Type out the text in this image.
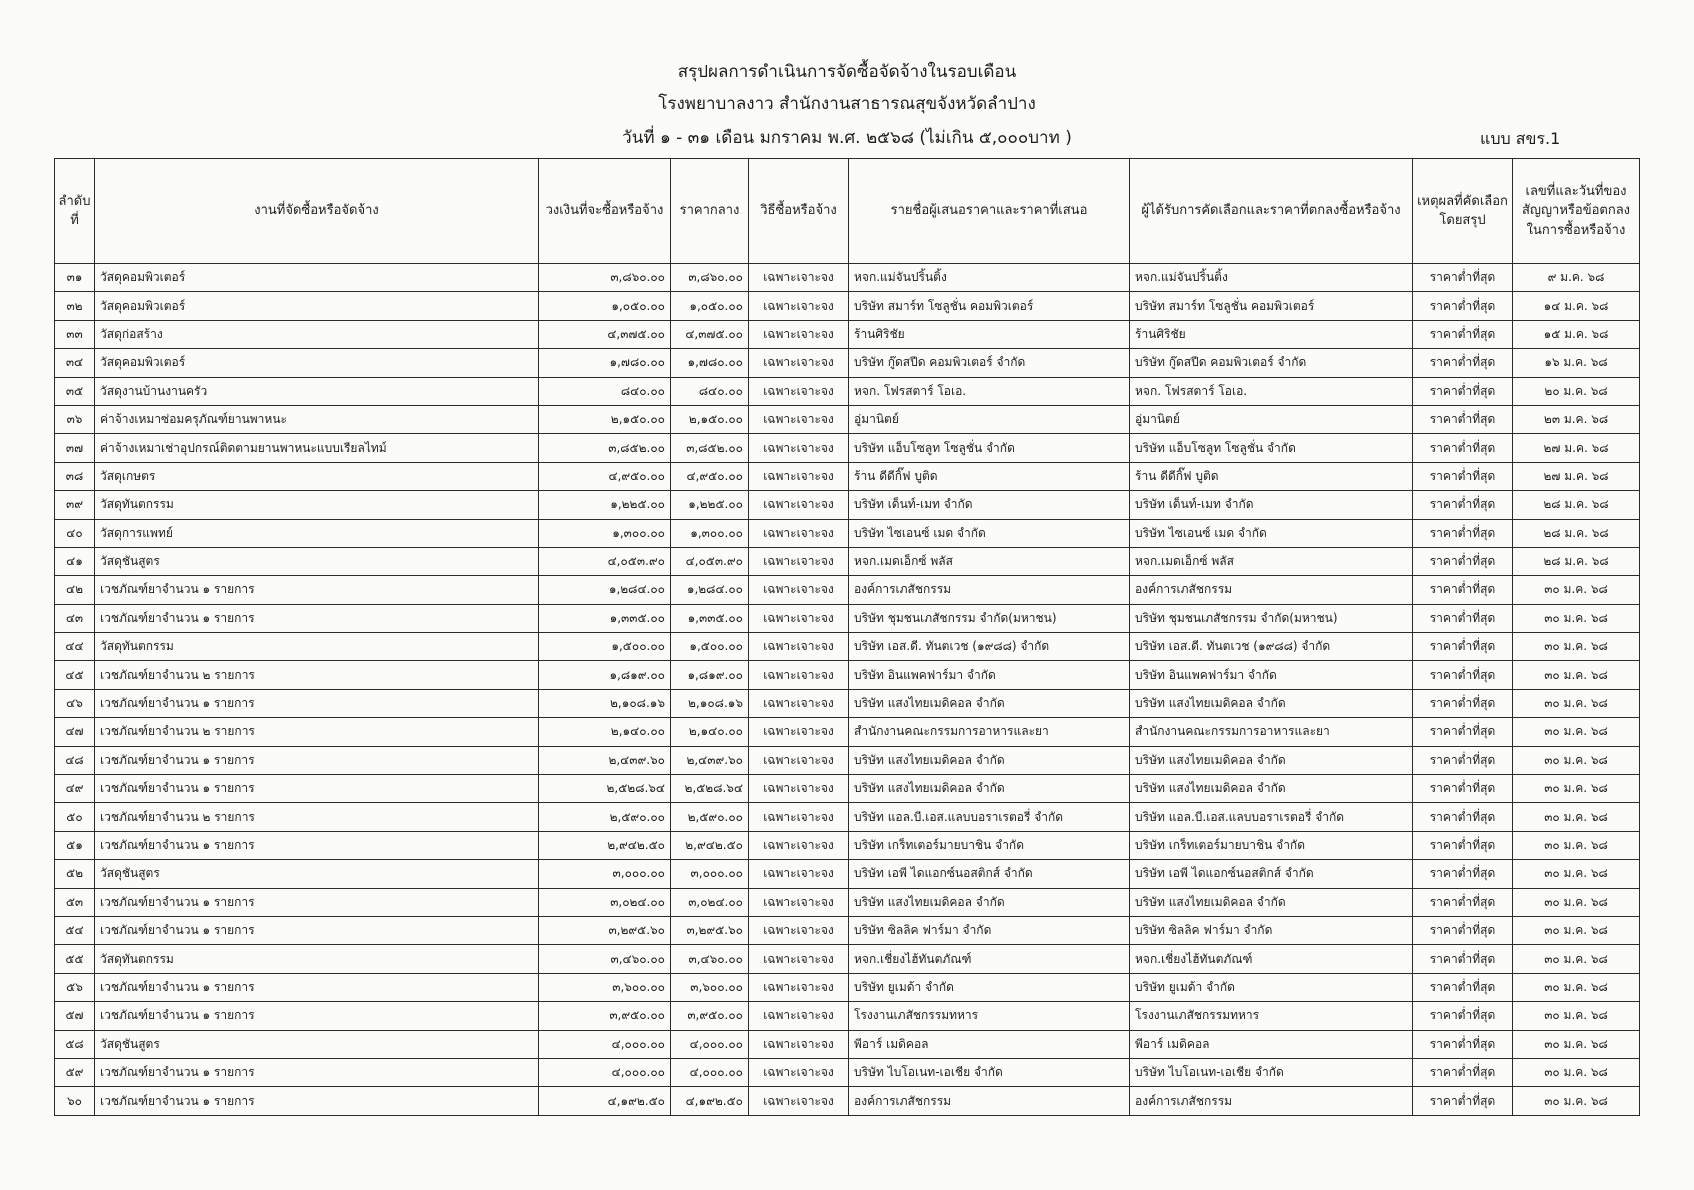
สรุปผลการดำเนินการจัดซื้อจัดจ้างในรอบเดือน
โรงพยาบาลงาว สำนักงานสาธารณสุขจังหวัดลำปาง
วันที่ ๑ - ๓๑ เดือน มกราคม พ.ศ. ๒๕๖๘ (ไม่เกิน ๕,๐๐๐บาท )	แบบ สขร.1
ลำดับที่	งานที่จัดซื้อหรือจัดจ้าง	วงเงินที่จะซื้อหรือจ้าง	ราคากลาง	วิธีซื้อหรือจ้าง	รายชื่อผู้เสนอราคาและราคาที่เสนอ	ผู้ได้รับการคัดเลือกและราคาที่ตกลงซื้อหรือจ้าง	เหตุผลที่คัดเลือกโดยสรุป	เลขที่และวันที่ของสัญญาหรือข้อตกลงในการซื้อหรือจ้าง
๓๑	วัสดุคอมพิวเตอร์	๓,๘๖๐.๐๐	๓,๘๖๐.๐๐	เฉพาะเจาะจง	หจก.แม่จันปริ้นติ้ง	หจก.แม่จันปริ้นติ้ง	ราคาต่ำที่สุด	๙ ม.ค. ๖๘
๓๒	วัสดุคอมพิวเตอร์	๑,๐๕๐.๐๐	๑,๐๕๐.๐๐	เฉพาะเจาะจง	บริษัท สมาร์ท โซลูชั่น คอมพิวเตอร์	บริษัท สมาร์ท โซลูชั่น คอมพิวเตอร์	ราคาต่ำที่สุด	๑๔ ม.ค. ๖๘
๓๓	วัสดุก่อสร้าง	๔,๓๗๕.๐๐	๔,๓๗๕.๐๐	เฉพาะเจาะจง	ร้านศิริชัย	ร้านศิริชัย	ราคาต่ำที่สุด	๑๕ ม.ค. ๖๘
๓๔	วัสดุคอมพิวเตอร์	๑,๗๘๐.๐๐	๑,๗๘๐.๐๐	เฉพาะเจาะจง	บริษัท กู๊ดสปีด คอมพิวเตอร์ จำกัด	บริษัท กู๊ดสปีด คอมพิวเตอร์ จำกัด	ราคาต่ำที่สุด	๑๖ ม.ค. ๖๘
๓๕	วัสดุงานบ้านงานครัว	๘๔๐.๐๐	๘๔๐.๐๐	เฉพาะเจาะจง	หจก. โฟรสตาร์ โอเอ.	หจก. โฟรสตาร์ โอเอ.	ราคาต่ำที่สุด	๒๐ ม.ค. ๖๘
๓๖	ค่าจ้างเหมาซ่อมครุภัณฑ์ยานพาหนะ	๒,๑๕๐.๐๐	๒,๑๕๐.๐๐	เฉพาะเจาะจง	อู่มานิตย์	อู่มานิตย์	ราคาต่ำที่สุด	๒๓ ม.ค. ๖๘
๓๗	ค่าจ้างเหมาเช่าอุปกรณ์ติดตามยานพาหนะแบบเรียลไทม์	๓,๘๕๒.๐๐	๓,๘๕๒.๐๐	เฉพาะเจาะจง	บริษัท แอ็บโซลูท โซลูชั่น จำกัด	บริษัท แอ็บโซลูท โซลูชั่น จำกัด	ราคาต่ำที่สุด	๒๗ ม.ค. ๖๘
๓๘	วัสดุเกษตร	๔,๙๕๐.๐๐	๔,๙๕๐.๐๐	เฉพาะเจาะจง	ร้าน ดีดีกิ๊ฟ บูติด	ร้าน ดีดีกิ๊ฟ บูติด	ราคาต่ำที่สุด	๒๗ ม.ค. ๖๘
๓๙	วัสดุทันตกรรม	๑,๒๒๕.๐๐	๑,๒๒๕.๐๐	เฉพาะเจาะจง	บริษัท เด็นท์-เมท จำกัด	บริษัท เด็นท์-เมท จำกัด	ราคาต่ำที่สุด	๒๘ ม.ค. ๖๘
๔๐	วัสดุการแพทย์	๑,๓๐๐.๐๐	๑,๓๐๐.๐๐	เฉพาะเจาะจง	บริษัท ไซเอนซ์ เมด จำกัด	บริษัท ไซเอนซ์ เมด จำกัด	ราคาต่ำที่สุด	๒๘ ม.ค. ๖๘
๔๑	วัสดุชันสูตร	๔,๐๕๓.๙๐	๔,๐๕๓.๙๐	เฉพาะเจาะจง	หจก.เมดเอ็กซ์ พลัส	หจก.เมดเอ็กซ์ พลัส	ราคาต่ำที่สุด	๒๘ ม.ค. ๖๘
๔๒	เวชภัณฑ์ยาจำนวน ๑ รายการ	๑,๒๘๔.๐๐	๑,๒๘๔.๐๐	เฉพาะเจาะจง	องค์การเภสัชกรรม	องค์การเภสัชกรรม	ราคาต่ำที่สุด	๓๐ ม.ค. ๖๘
๔๓	เวชภัณฑ์ยาจำนวน ๑ รายการ	๑,๓๓๕.๐๐	๑,๓๓๕.๐๐	เฉพาะเจาะจง	บริษัท ชุมชนเภสัชกรรม จำกัด(มหาชน)	บริษัท ชุมชนเภสัชกรรม จำกัด(มหาชน)	ราคาต่ำที่สุด	๓๐ ม.ค. ๖๘
๔๔	วัสดุทันตกรรม	๑,๕๐๐.๐๐	๑,๕๐๐.๐๐	เฉพาะเจาะจง	บริษัท เอส.ดี. ทันตเวช (๑๙๘๘) จำกัด	บริษัท เอส.ดี. ทันตเวช (๑๙๘๘) จำกัด	ราคาต่ำที่สุด	๓๐ ม.ค. ๖๘
๔๕	เวชภัณฑ์ยาจำนวน ๒ รายการ	๑,๘๑๙.๐๐	๑,๘๑๙.๐๐	เฉพาะเจาะจง	บริษัท อินแพคฟาร์มา จำกัด	บริษัท อินแพคฟาร์มา จำกัด	ราคาต่ำที่สุด	๓๐ ม.ค. ๖๘
๔๖	เวชภัณฑ์ยาจำนวน ๑ รายการ	๒,๑๐๘.๑๖	๒,๑๐๘.๑๖	เฉพาะเจาะจง	บริษัท แสงไทยเมดิคอล จำกัด	บริษัท แสงไทยเมดิคอล จำกัด	ราคาต่ำที่สุด	๓๐ ม.ค. ๖๘
๔๗	เวชภัณฑ์ยาจำนวน ๒ รายการ	๒,๑๔๐.๐๐	๒,๑๔๐.๐๐	เฉพาะเจาะจง	สำนักงานคณะกรรมการอาหารและยา	สำนักงานคณะกรรมการอาหารและยา	ราคาต่ำที่สุด	๓๐ ม.ค. ๖๘
๔๘	เวชภัณฑ์ยาจำนวน ๑ รายการ	๒,๔๓๙.๖๐	๒,๔๓๙.๖๐	เฉพาะเจาะจง	บริษัท แสงไทยเมดิคอล จำกัด	บริษัท แสงไทยเมดิคอล จำกัด	ราคาต่ำที่สุด	๓๐ ม.ค. ๖๘
๔๙	เวชภัณฑ์ยาจำนวน ๑ รายการ	๒,๕๒๘.๖๔	๒,๕๒๘.๖๔	เฉพาะเจาะจง	บริษัท แสงไทยเมดิคอล จำกัด	บริษัท แสงไทยเมดิคอล จำกัด	ราคาต่ำที่สุด	๓๐ ม.ค. ๖๘
๕๐	เวชภัณฑ์ยาจำนวน ๒ รายการ	๒,๕๙๐.๐๐	๒,๕๙๐.๐๐	เฉพาะเจาะจง	บริษัท แอล.บี.เอส.แลบบอราเรตอรี่ จำกัด	บริษัท แอล.บี.เอส.แลบบอราเรตอรี่ จำกัด	ราคาต่ำที่สุด	๓๐ ม.ค. ๖๘
๕๑	เวชภัณฑ์ยาจำนวน ๑ รายการ	๒,๙๔๒.๕๐	๒,๙๔๒.๕๐	เฉพาะเจาะจง	บริษัท เกร็ทเตอร์มายบาชิน จำกัด	บริษัท เกร็ทเตอร์มายบาชิน จำกัด	ราคาต่ำที่สุด	๓๐ ม.ค. ๖๘
๕๒	วัสดุชันสูตร	๓,๐๐๐.๐๐	๓,๐๐๐.๐๐	เฉพาะเจาะจง	บริษัท เอพี ไดแอกซ์นอสติกส์ จำกัด	บริษัท เอพี ไดแอกซ์นอสติกส์ จำกัด	ราคาต่ำที่สุด	๓๐ ม.ค. ๖๘
๕๓	เวชภัณฑ์ยาจำนวน ๑ รายการ	๓,๐๒๔.๐๐	๓,๐๒๔.๐๐	เฉพาะเจาะจง	บริษัท แสงไทยเมดิคอล จำกัด	บริษัท แสงไทยเมดิคอล จำกัด	ราคาต่ำที่สุด	๓๐ ม.ค. ๖๘
๕๔	เวชภัณฑ์ยาจำนวน ๑ รายการ	๓,๒๙๕.๖๐	๓,๒๙๕.๖๐	เฉพาะเจาะจง	บริษัท ซิลลิค ฟาร์มา จำกัด	บริษัท ซิลลิค ฟาร์มา จำกัด	ราคาต่ำที่สุด	๓๐ ม.ค. ๖๘
๕๕	วัสดุทันตกรรม	๓,๔๖๐.๐๐	๓,๔๖๐.๐๐	เฉพาะเจาะจง	หจก.เชี่ยงไฮ้ทันตภัณฑ์	หจก.เชี่ยงไฮ้ทันตภัณฑ์	ราคาต่ำที่สุด	๓๐ ม.ค. ๖๘
๕๖	เวชภัณฑ์ยาจำนวน ๑ รายการ	๓,๖๐๐.๐๐	๓,๖๐๐.๐๐	เฉพาะเจาะจง	บริษัท ยูเมด้า จำกัด	บริษัท ยูเมด้า จำกัด	ราคาต่ำที่สุด	๓๐ ม.ค. ๖๘
๕๗	เวชภัณฑ์ยาจำนวน ๑ รายการ	๓,๙๕๐.๐๐	๓,๙๕๐.๐๐	เฉพาะเจาะจง	โรงงานเภสัชกรรมทหาร	โรงงานเภสัชกรรมทหาร	ราคาต่ำที่สุด	๓๐ ม.ค. ๖๘
๕๘	วัสดุชันสูตร	๔,๐๐๐.๐๐	๔,๐๐๐.๐๐	เฉพาะเจาะจง	พีอาร์ เมดิคอล	พีอาร์ เมดิคอล	ราคาต่ำที่สุด	๓๐ ม.ค. ๖๘
๕๙	เวชภัณฑ์ยาจำนวน ๑ รายการ	๔,๐๐๐.๐๐	๔,๐๐๐.๐๐	เฉพาะเจาะจง	บริษัท ไบโอเนท-เอเชีย จำกัด	บริษัท ไบโอเนท-เอเชีย จำกัด	ราคาต่ำที่สุด	๓๐ ม.ค. ๖๘
๖๐	เวชภัณฑ์ยาจำนวน ๑ รายการ	๔,๑๙๒.๕๐	๔,๑๙๒.๕๐	เฉพาะเจาะจง	องค์การเภสัชกรรม	องค์การเภสัชกรรม	ราคาต่ำที่สุด	๓๐ ม.ค. ๖๘
